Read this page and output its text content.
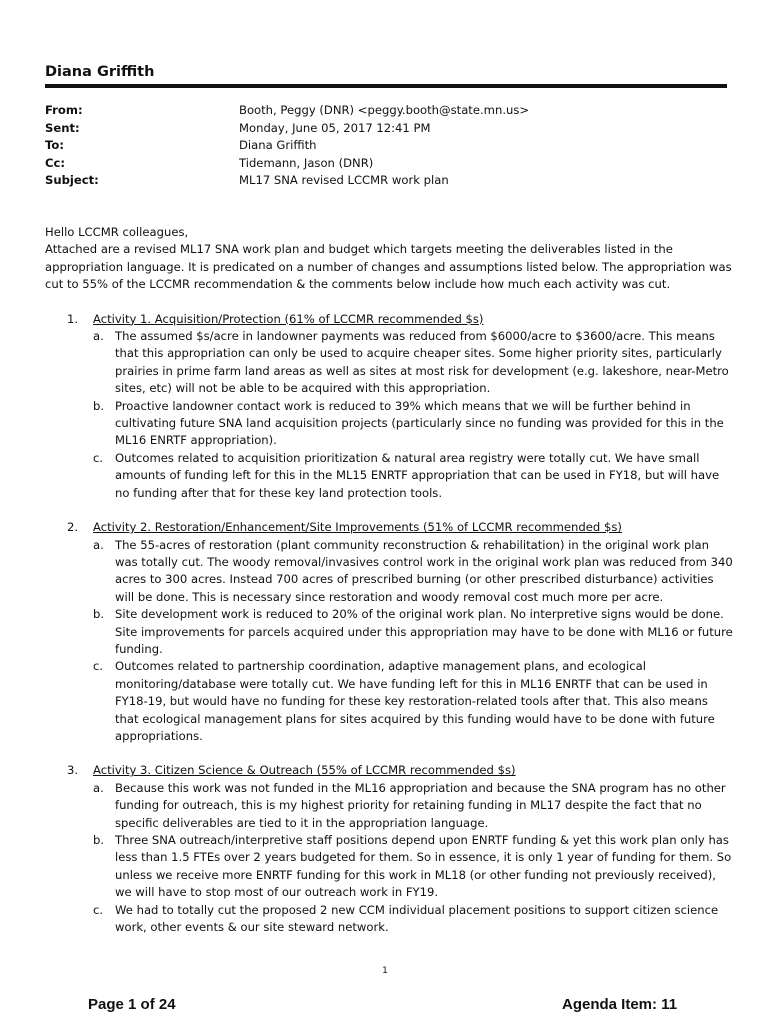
Diana Griffith
From:	Booth, Peggy (DNR) <peggy.booth@state.mn.us>
Sent:	Monday, June 05, 2017 12:41 PM
To:	Diana Griffith
Cc:	Tidemann, Jason (DNR)
Subject:	ML17 SNA revised LCCMR work plan

Hello LCCMR colleagues,

Attached are a revised ML17 SNA work plan and budget which targets meeting the deliverables listed in the appropriation language. It is predicated on a number of changes and assumptions listed below. The appropriation was cut to 55% of the LCCMR recommendation & the comments below include how much each activity was cut.

1. Activity 1. Acquisition/Protection (61% of LCCMR recommended $s)
a. The assumed $s/acre in landowner payments was reduced from $6000/acre to $3600/acre. This means that this appropriation can only be used to acquire cheaper sites. Some higher priority sites, particularly prairies in prime farm land areas as well as sites at most risk for development (e.g. lakeshore, near-Metro sites, etc) will not be able to be acquired with this appropriation.
b. Proactive landowner contact work is reduced to 39% which means that we will be further behind in cultivating future SNA land acquisition projects (particularly since no funding was provided for this in the ML16 ENRTF appropriation).
c. Outcomes related to acquisition prioritization & natural area registry were totally cut. We have small amounts of funding left for this in the ML15 ENRTF appropriation that can be used in FY18, but will have no funding after that for these key land protection tools.
2. Activity 2. Restoration/Enhancement/Site Improvements (51% of LCCMR recommended $s)
a. The 55-acres of restoration (plant community reconstruction & rehabilitation) in the original work plan was totally cut. The woody removal/invasives control work in the original work plan was reduced from 340 acres to 300 acres. Instead 700 acres of prescribed burning (or other prescribed disturbance) activities will be done. This is necessary since restoration and woody removal cost much more per acre.
b. Site development work is reduced to 20% of the original work plan. No interpretive signs would be done. Site improvements for parcels acquired under this appropriation may have to be done with ML16 or future funding.
c. Outcomes related to partnership coordination, adaptive management plans, and ecological monitoring/database were totally cut. We have funding left for this in ML16 ENRTF that can be used in FY18-19, but would have no funding for these key restoration-related tools after that. This also means that ecological management plans for sites acquired by this funding would have to be done with future appropriations.
3. Activity 3. Citizen Science & Outreach (55% of LCCMR recommended $s)
a. Because this work was not funded in the ML16 appropriation and because the SNA program has no other funding for outreach, this is my highest priority for retaining funding in ML17 despite the fact that no specific deliverables are tied to it in the appropriation language.
b. Three SNA outreach/interpretive staff positions depend upon ENRTF funding & yet this work plan only has less than 1.5 FTEs over 2 years budgeted for them. So in essence, it is only 1 year of funding for them. So unless we receive more ENRTF funding for this work in ML18 (or other funding not previously received), we will have to stop most of our outreach work in FY19.
c. We had to totally cut the proposed 2 new CCM individual placement positions to support citizen science work, other events & our site steward network.
1
Page 1 of 24	Agenda Item: 11
